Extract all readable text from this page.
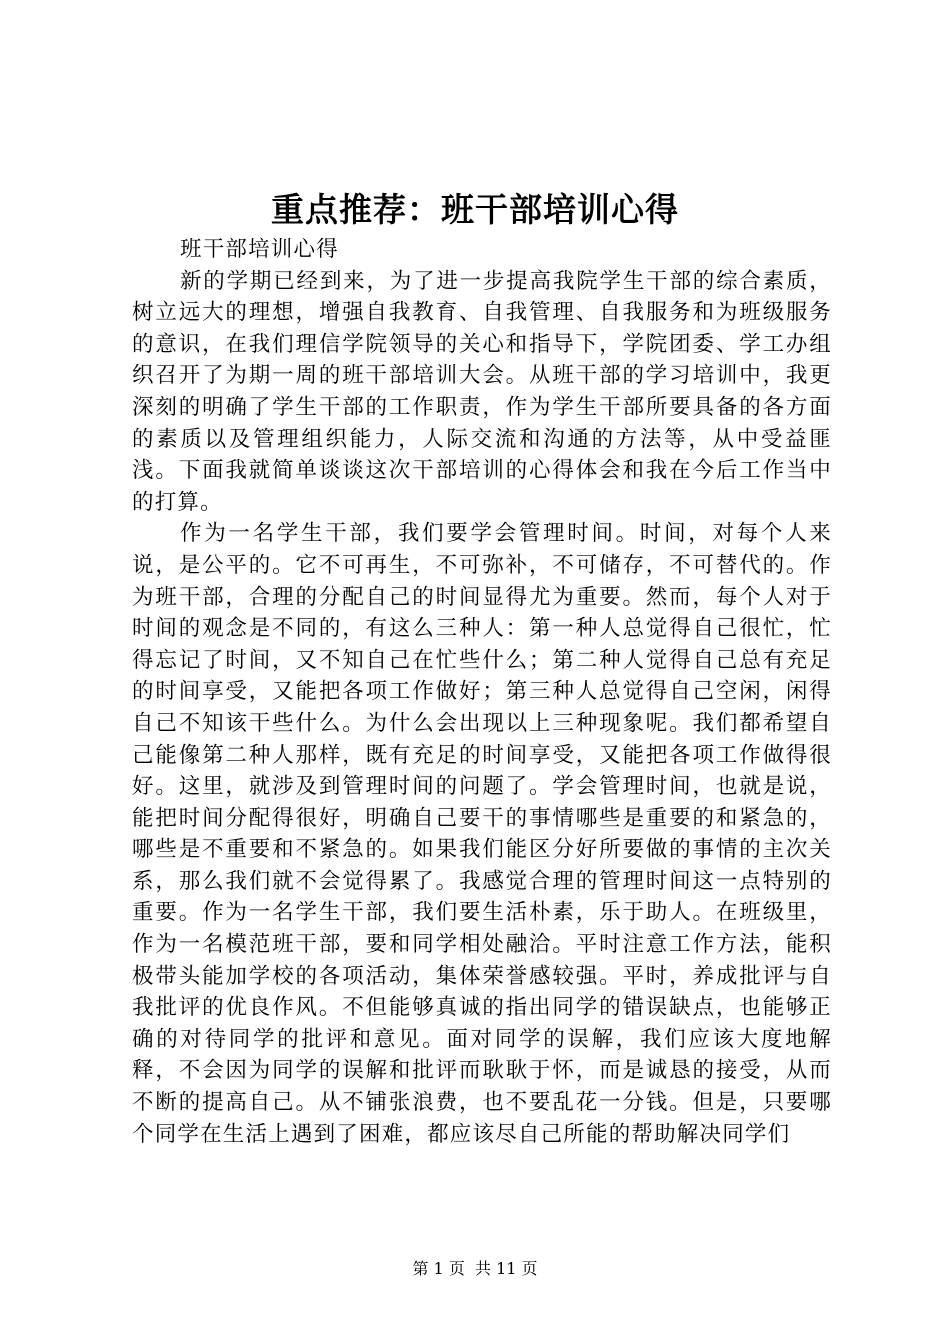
重点推荐：班干部培训心得

班干部培训心得

新的学期已经到来，为了进一步提高我院学生干部的综合素质，树立远大的理想，增强自我教育、自我管理、自我服务和为班级服务的意识，在我们理信学院领导的关心和指导下，学院团委、学工办组织召开了为期一周的班干部培训大会。从班干部的学习培训中，我更深刻的明确了学生干部的工作职责，作为学生干部所要具备的各方面的素质以及管理组织能力，人际交流和沟通的方法等，从中受益匪浅。下面我就简单谈谈这次干部培训的心得体会和我在今后工作当中的打算。

作为一名学生干部，我们要学会管理时间。时间，对每个人来说，是公平的。它不可再生，不可弥补，不可储存，不可替代的。作为班干部，合理的分配自己的时间显得尤为重要。然而，每个人对于时间的观念是不同的，有这么三种人：第一种人总觉得自己很忙，忙得忘记了时间，又不知自己在忙些什么；第二种人觉得自己总有充足的时间享受，又能把各项工作做好；第三种人总觉得自己空闲，闲得自己不知该干些什么。为什么会出现以上三种现象呢。我们都希望自己能像第二种人那样，既有充足的时间享受，又能把各项工作做得很好。这里，就涉及到管理时间的问题了。学会管理时间，也就是说，能把时间分配得很好，明确自己要干的事情哪些是重要的和紧急的，哪些是不重要和不紧急的。如果我们能区分好所要做的事情的主次关系，那么我们就不会觉得累了。我感觉合理的管理时间这一点特别的重要。作为一名学生干部，我们要生活朴素，乐于助人。在班级里，作为一名模范班干部，要和同学相处融洽。平时注意工作方法，能积极带头能加学校的各项活动，集体荣誉感较强。平时，养成批评与自我批评的优良作风。不但能够真诚的指出同学的错误缺点，也能够正确的对待同学的批评和意见。面对同学的误解，我们应该大度地解释，不会因为同学的误解和批评而耿耿于怀，而是诚恳的接受，从而不断的提高自己。从不铺张浪费，也不要乱花一分钱。但是，只要哪个同学在生活上遇到了困难，都应该尽自己所能的帮助解决同学们

第 1 页  共 11 页
